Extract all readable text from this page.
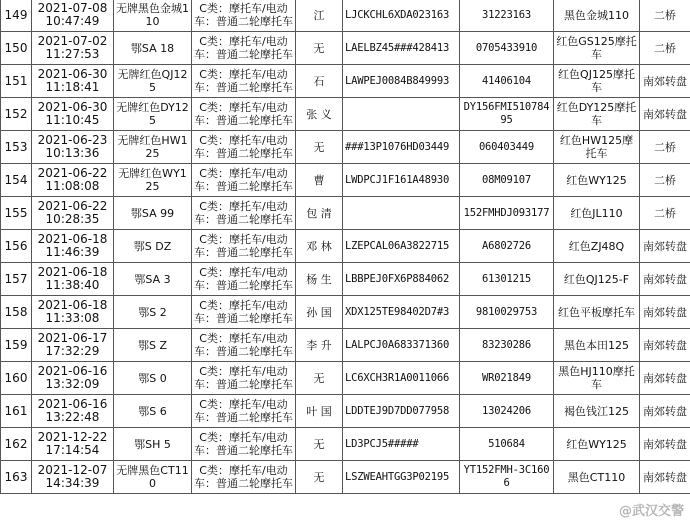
149	2021-07-08
10:47:49	无牌黑色金城110	C类：摩托车/电动车：普通二轮摩托车	江	LJCKCHL6XDA023163	31223163	黑色金城110	二桥
150	2021-07-02
11:27:53	鄂SA 18	C类：摩托车/电动车：普通二轮摩托车	无	LAELBZ45###428413	0705433910	红色GS125摩托车	二桥
151	2021-06-30
11:18:41	无牌红色QJ125	C类：摩托车/电动车：普通二轮摩托车	石	LAWPEJ0084B849993	41406104	红色QJ125摩托车	南郊转盘
152	2021-06-30
11:10:45	无牌红色DY125	C类：摩托车/电动车：普通二轮摩托车	张 义		DY156FMI51078495	红色DY125摩托车	南郊转盘
153	2021-06-23
10:13:36	无牌红色HW125	C类：摩托车/电动车：普通二轮摩托车	无	###13P1076HD03449	060403449	红色HW125摩托车	二桥
154	2021-06-22
11:08:08	无牌红色WY125	C类：摩托车/电动车：普通二轮摩托车	曹	LWDPCJ1F161A48930	08M09107	红色WY125	二桥
155	2021-06-22
10:28:35	鄂SA 99	C类：摩托车/电动车：普通二轮摩托车	包 清		152FMHDJ093177	红色JL110	二桥
156	2021-06-18
11:46:39	鄂S DZ	C类：摩托车/电动车：普通二轮摩托车	邓 林	LZEPCAL06A3822715	A6802726	红色ZJ48Q	南郊转盘
157	2021-06-18
11:38:40	鄂SA 3	C类：摩托车/电动车：普通二轮摩托车	杨 生	LBBPEJ0FX6P884062	61301215	红色QJ125-F	南郊转盘
158	2021-06-18
11:33:08	鄂S 2	C类：摩托车/电动车：普通二轮摩托车	孙 国	XDX125TE98402D7#3	9810029753	红色平板摩托车	南郊转盘
159	2021-06-17
17:32:29	鄂S Z	C类：摩托车/电动车：普通二轮摩托车	李 升	LALPCJ0A683371360	83230286	黑色本田125	南郊转盘
160	2021-06-16
13:32:09	鄂S 0	C类：摩托车/电动车：普通二轮摩托车	无	LC6XCH3R1A0011066	WR021849	黑色HJ110摩托车	南郊转盘
161	2021-06-16
13:22:48	鄂S 6	C类：摩托车/电动车：普通二轮摩托车	叶 国	LDDTEJ9D7DD077958	13024206	褐色钱江125	南郊转盘
162	2021-12-22
17:14:54	鄂SH 5	C类：摩托车/电动车：普通二轮摩托车	无	LD3PCJ5#####	510684	红色WY125	南郊转盘
163	2021-12-07
14:34:39	无牌黑色CT110	C类：摩托车/电动车：普通二轮摩托车	无	LSZWEAHTGG3P02195	YT152FMH-3C1606	黑色CT110	南郊转盘
@武汉交警
